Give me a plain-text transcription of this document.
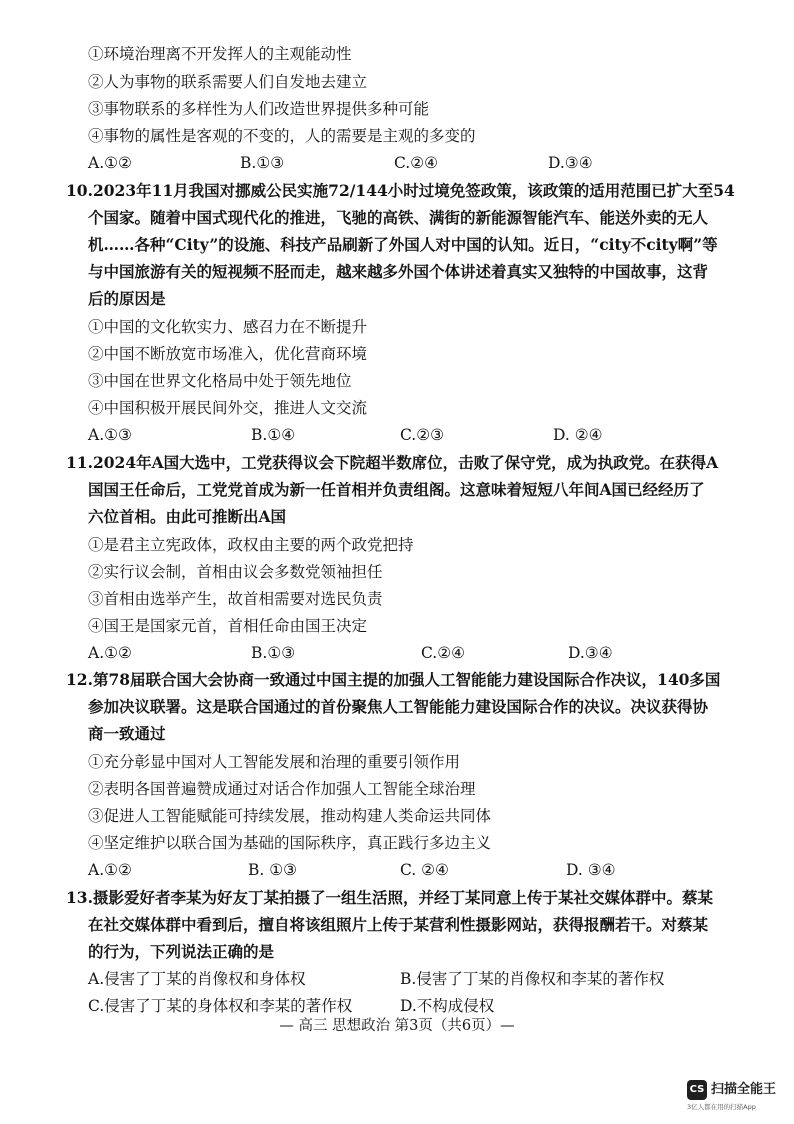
①环境治理离不开发挥人的主观能动性
②人为事物的联系需要人们自发地去建立
③事物联系的多样性为人们改造世界提供多种可能
④事物的属性是客观的不变的，人的需要是主观的多变的
A.①②	B.①③	C.②④	D.③④
10.2023年11月我国对挪威公民实施72/144小时过境免签政策，该政策的适用范围已扩大至54
个国家。随着中国式现代化的推进，飞驰的高铁、满街的新能源智能汽车、能送外卖的无人
机……各种“City”的设施、科技产品刷新了外国人对中国的认知。近日，“city不city啊”等
与中国旅游有关的短视频不胫而走，越来越多外国个体讲述着真实又独特的中国故事，这背
后的原因是
①中国的文化软实力、感召力在不断提升
②中国不断放宽市场准入，优化营商环境
③中国在世界文化格局中处于领先地位
④中国积极开展民间外交，推进人文交流
A.①③	B.①④	C.②③	D. ②④
11.2024年A国大选中，工党获得议会下院超半数席位，击败了保守党，成为执政党。在获得A
国国王任命后，工党党首成为新一任首相并负责组阁。这意味着短短八年间A国已经经历了
六位首相。由此可推断出A国
①是君主立宪政体，政权由主要的两个政党把持
②实行议会制，首相由议会多数党领袖担任
③首相由选举产生，故首相需要对选民负责
④国王是国家元首，首相任命由国王决定
A.①②	B.①③	C.②④	D.③④
12.第78届联合国大会协商一致通过中国主提的加强人工智能能力建设国际合作决议，140多国
参加决议联署。这是联合国通过的首份聚焦人工智能能力建设国际合作的决议。决议获得协
商一致通过
①充分彰显中国对人工智能发展和治理的重要引领作用
②表明各国普遍赞成通过对话合作加强人工智能全球治理
③促进人工智能赋能可持续发展，推动构建人类命运共同体
④坚定维护以联合国为基础的国际秩序，真正践行多边主义
A.①②	B. ①③	C. ②④	D. ③④
13.摄影爱好者李某为好友丁某拍摄了一组生活照，并经丁某同意上传于某社交媒体群中。蔡某
在社交媒体群中看到后，擅自将该组照片上传于某营利性摄影网站，获得报酬若干。对蔡某
的行为，下列说法正确的是
A.侵害了丁某的肖像权和身体权	B.侵害了丁某的肖像权和李某的著作权
C.侵害了丁某的身体权和李某的著作权	D.不构成侵权
— 高三 思想政治 第3页（共6页）—
CS 扫描全能王
3亿人都在用的扫描App
